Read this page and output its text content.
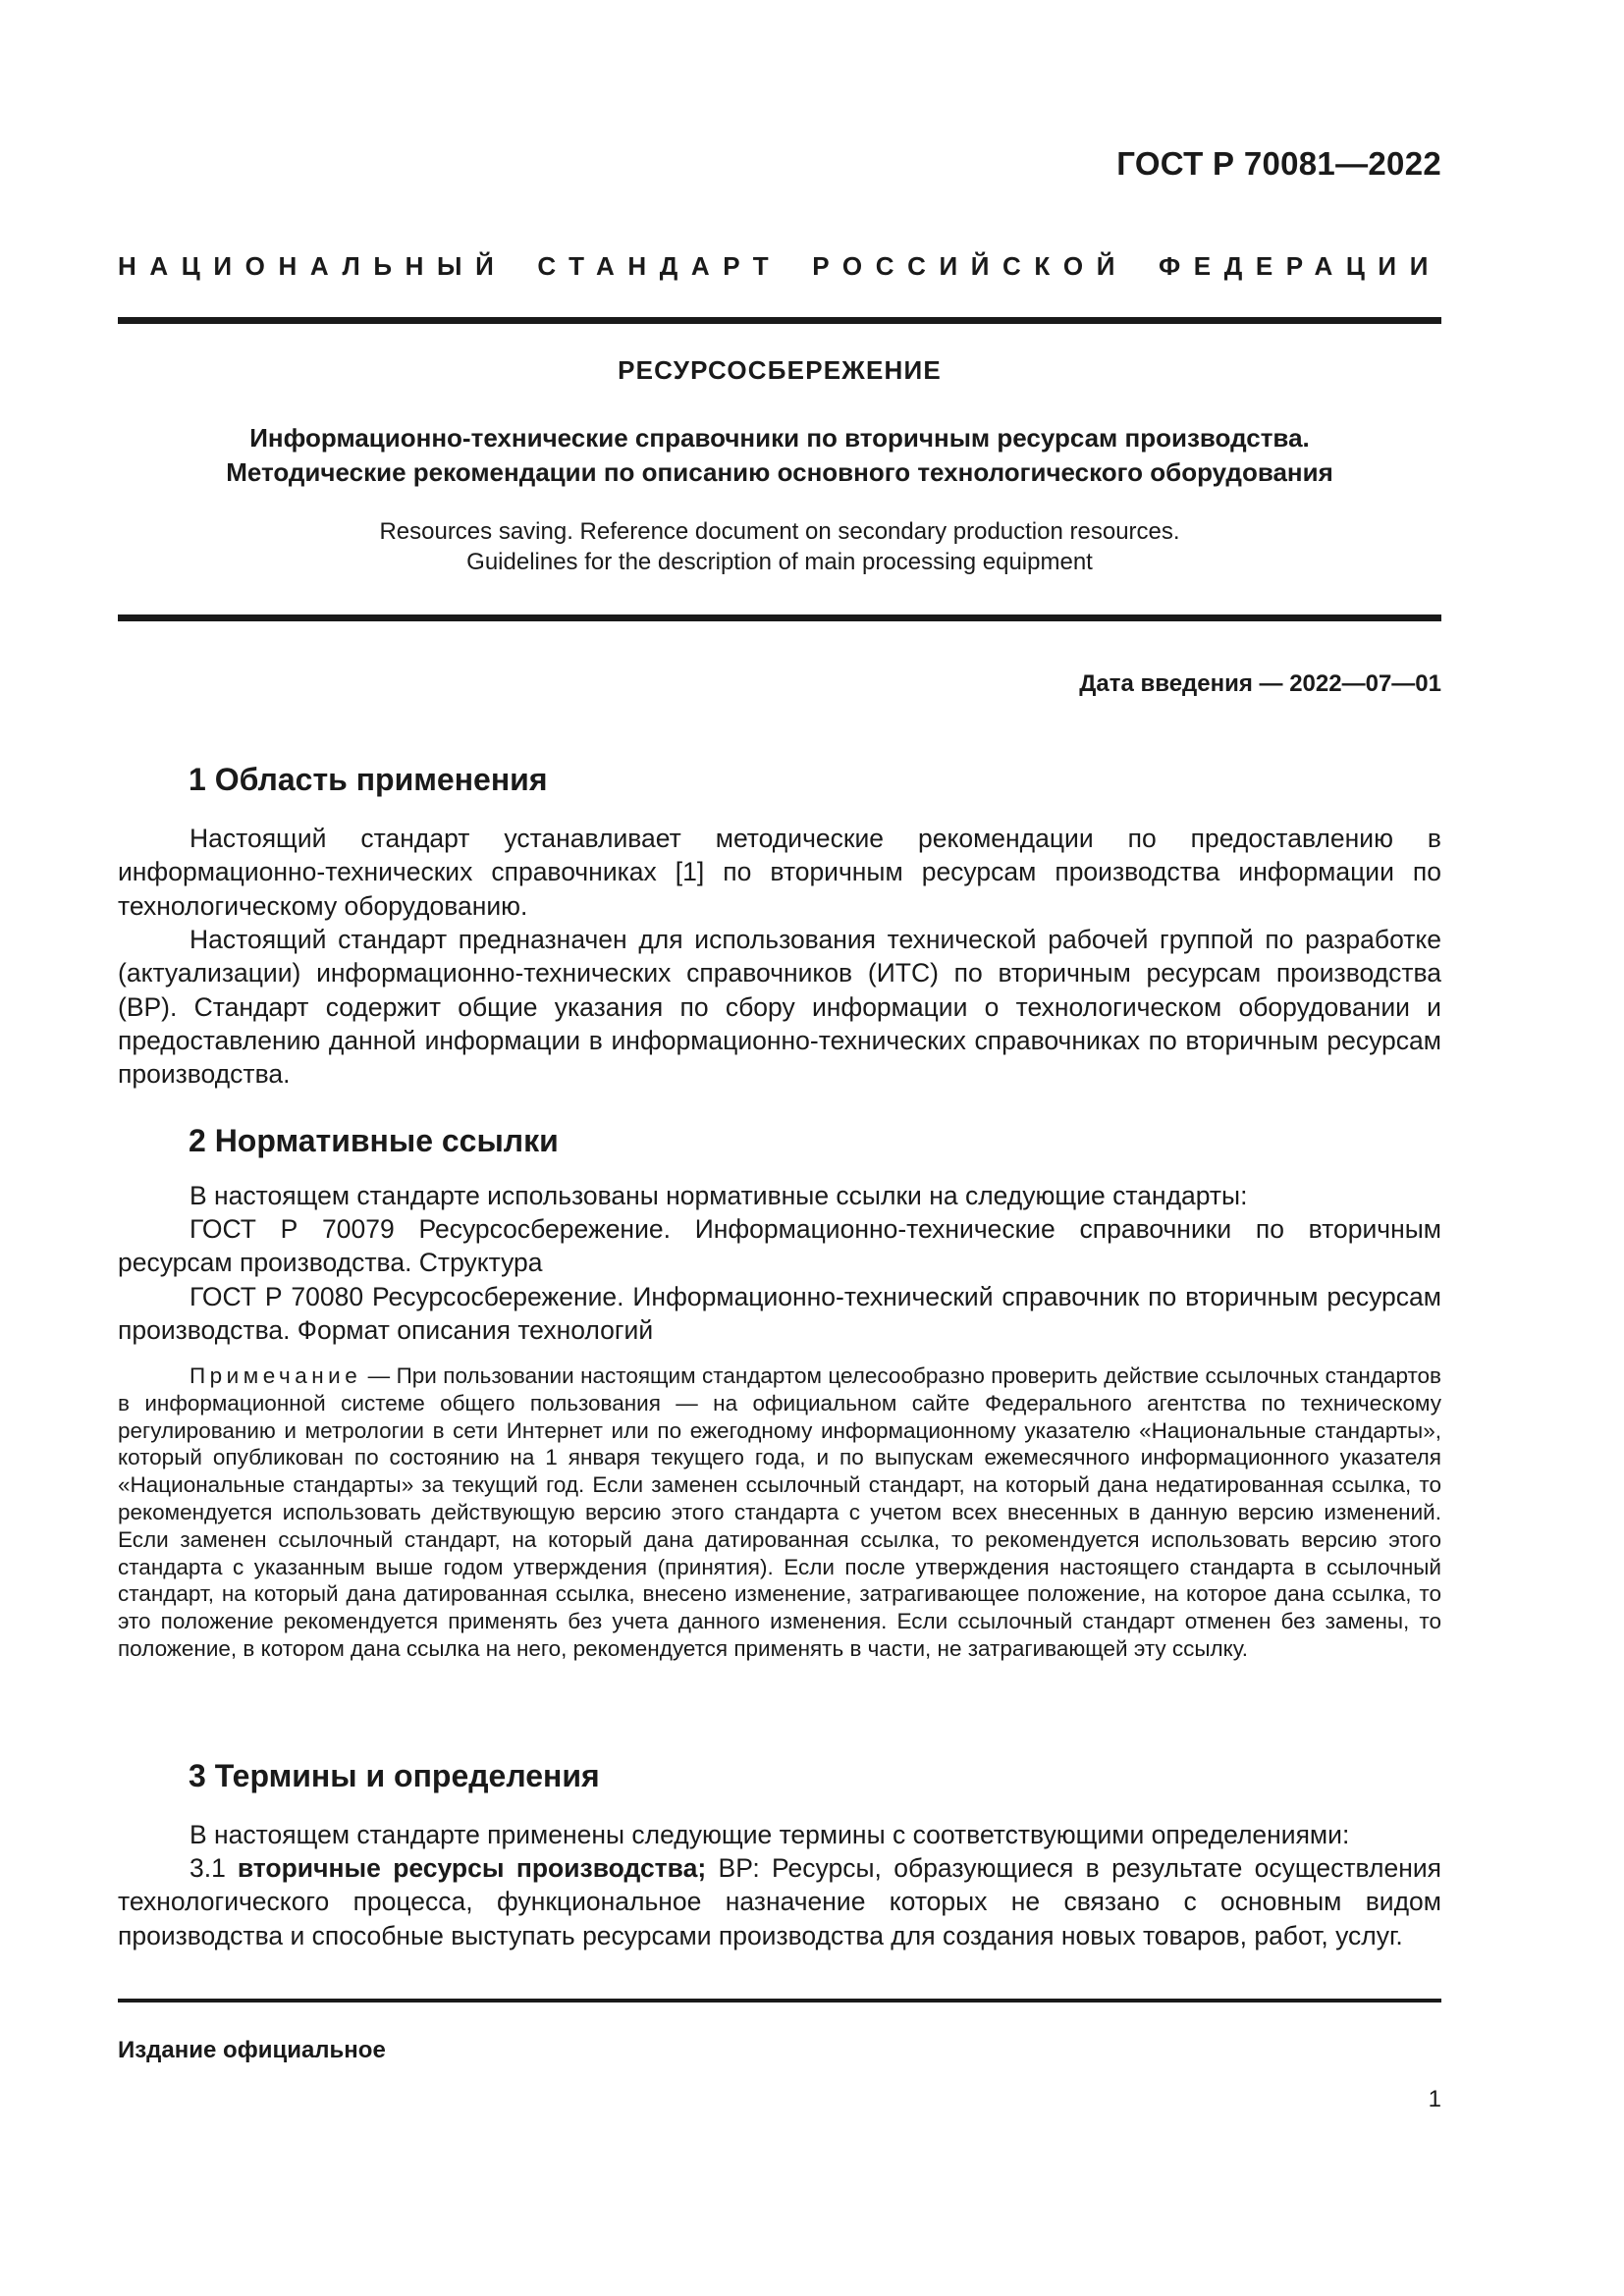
ГОСТ Р 70081—2022
НАЦИОНАЛЬНЫЙ СТАНДАРТ РОССИЙСКОЙ ФЕДЕРАЦИИ
РЕСУРСОСБЕРЕЖЕНИЕ
Информационно-технические справочники по вторичным ресурсам производства.
Методические рекомендации по описанию основного технологического оборудования
Resources saving. Reference document on secondary production resources.
Guidelines for the description of main processing equipment
Дата введения — 2022—07—01
1 Область применения

Настоящий стандарт устанавливает методические рекомендации по предоставлению в информационно-технических справочниках [1] по вторичным ресурсам производства информации по технологическому оборудованию.

Настоящий стандарт предназначен для использования технической рабочей группой по разработке (актуализации) информационно-технических справочников (ИТС) по вторичным ресурсам производства (ВР). Стандарт содержит общие указания по сбору информации о технологическом оборудовании и предоставлению данной информации в информационно-технических справочниках по вторичным ресурсам производства.

2 Нормативные ссылки

В настоящем стандарте использованы нормативные ссылки на следующие стандарты:

ГОСТ Р 70079 Ресурсосбережение. Информационно-технические справочники по вторичным ресурсам производства. Структура

ГОСТ Р 70080 Ресурсосбережение. Информационно-технический справочник по вторичным ресурсам производства. Формат описания технологий

Примечание — При пользовании настоящим стандартом целесообразно проверить действие ссылочных стандартов в информационной системе общего пользования — на официальном сайте Федерального агентства по техническому регулированию и метрологии в сети Интернет или по ежегодному информационному указателю «Национальные стандарты», который опубликован по состоянию на 1 января текущего года, и по выпускам ежемесячного информационного указателя «Национальные стандарты» за текущий год. Если заменен ссылочный стандарт, на который дана недатированная ссылка, то рекомендуется использовать действующую версию этого стандарта с учетом всех внесенных в данную версию изменений. Если заменен ссылочный стандарт, на который дана датированная ссылка, то рекомендуется использовать версию этого стандарта с указанным выше годом утверждения (принятия). Если после утверждения настоящего стандарта в ссылочный стандарт, на который дана датированная ссылка, внесено изменение, затрагивающее положение, на которое дана ссылка, то это положение рекомендуется применять без учета данного изменения. Если ссылочный стандарт отменен без замены, то положение, в котором дана ссылка на него, рекомендуется применять в части, не затрагивающей эту ссылку.

3 Термины и определения

В настоящем стандарте применены следующие термины с соответствующими определениями:

3.1 вторичные ресурсы производства; ВР: Ресурсы, образующиеся в результате осуществления технологического процесса, функциональное назначение которых не связано с основным видом производства и способные выступать ресурсами производства для создания новых товаров, работ, услуг.

Издание официальное
1
